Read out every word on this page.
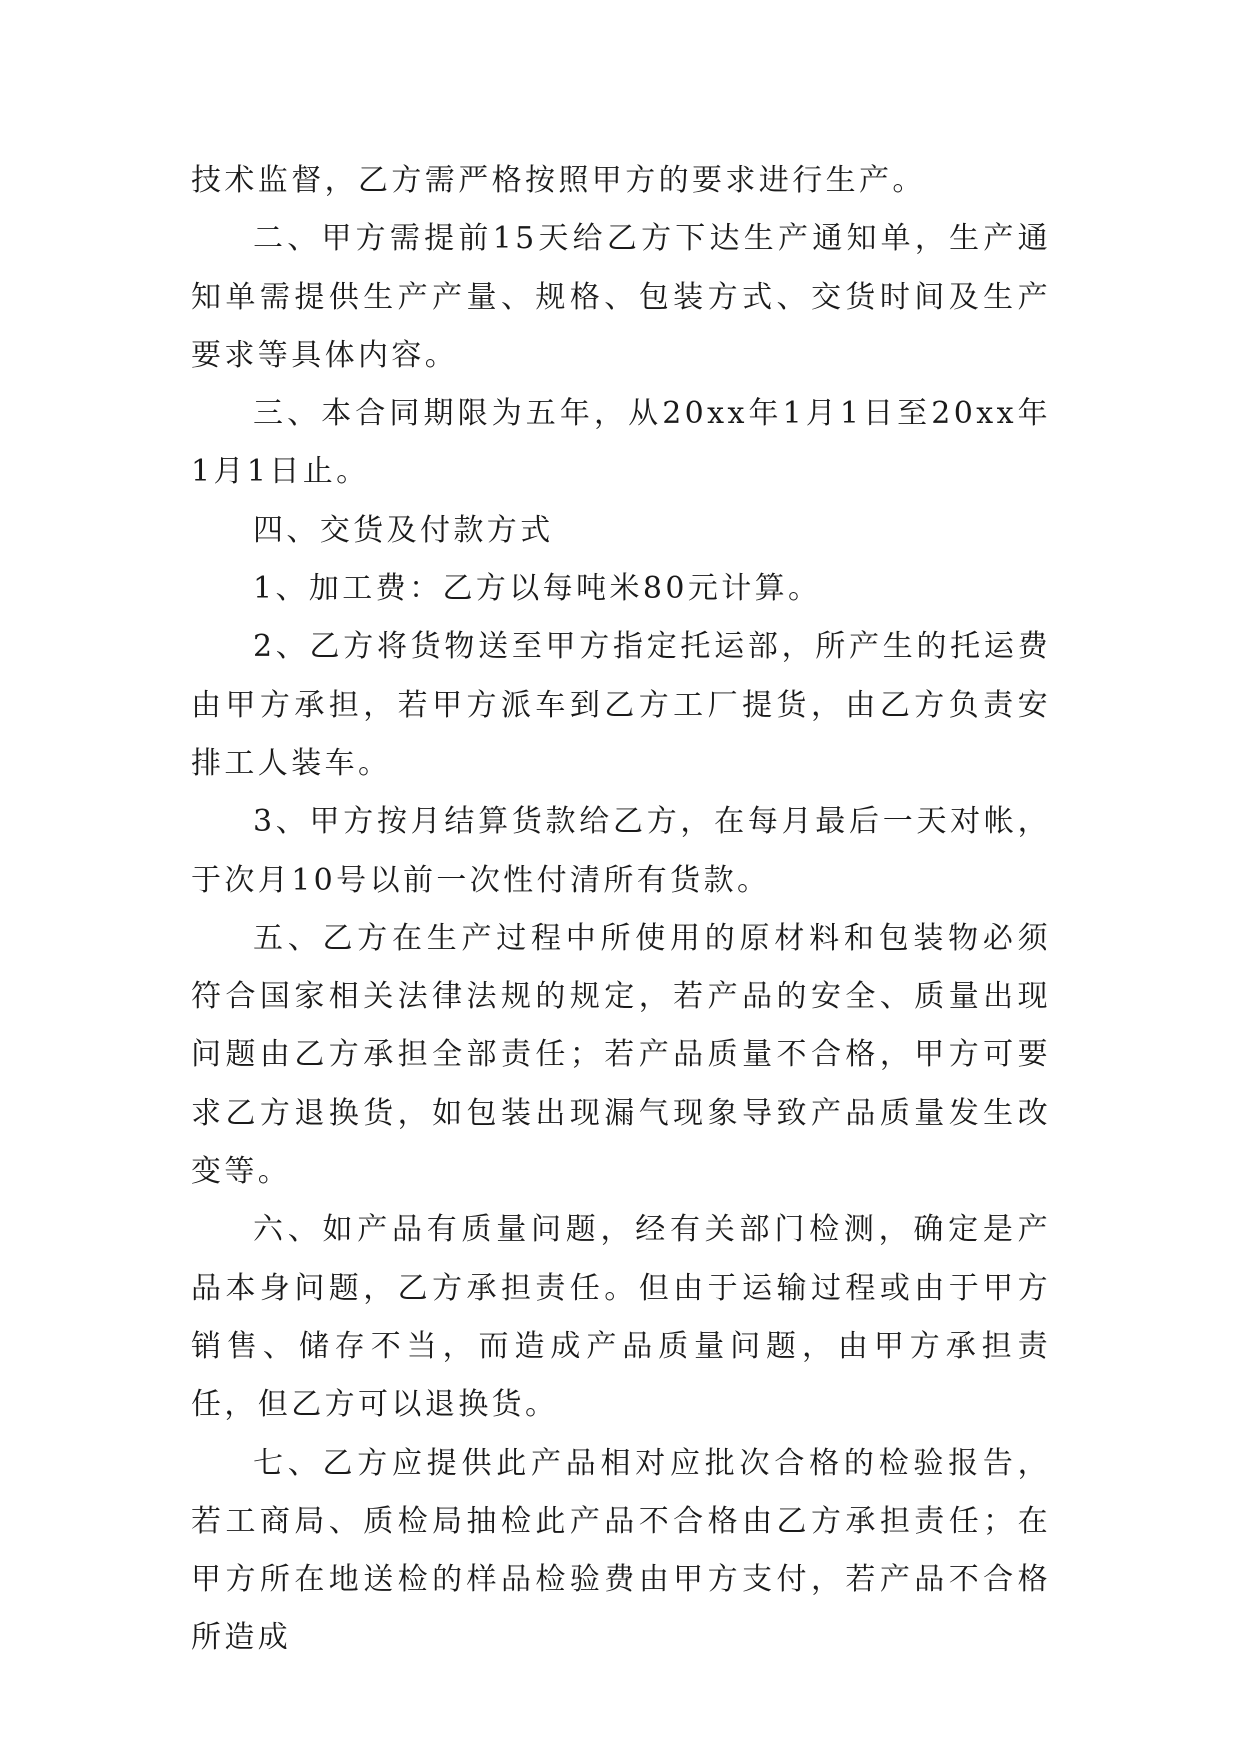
技术监督，乙方需严格按照甲方的要求进行生产。

二、甲方需提前15天给乙方下达生产通知单，生产通知单需提供生产产量、规格、包装方式、交货时间及生产要求等具体内容。

三、本合同期限为五年，从20xx年1月1日至20xx年1月1日止。

四、交货及付款方式

1、加工费：乙方以每吨米80元计算。

2、乙方将货物送至甲方指定托运部，所产生的托运费由甲方承担，若甲方派车到乙方工厂提货，由乙方负责安排工人装车。

3、甲方按月结算货款给乙方，在每月最后一天对帐，于次月10号以前一次性付清所有货款。

五、乙方在生产过程中所使用的原材料和包装物必须符合国家相关法律法规的规定，若产品的安全、质量出现问题由乙方承担全部责任；若产品质量不合格，甲方可要求乙方退换货，如包装出现漏气现象导致产品质量发生改变等。

六、如产品有质量问题，经有关部门检测，确定是产品本身问题，乙方承担责任。但由于运输过程或由于甲方销售、储存不当，而造成产品质量问题，由甲方承担责任，但乙方可以退换货。

七、乙方应提供此产品相对应批次合格的检验报告，若工商局、质检局抽检此产品不合格由乙方承担责任；在甲方所在地送检的样品检验费由甲方支付，若产品不合格所造成
